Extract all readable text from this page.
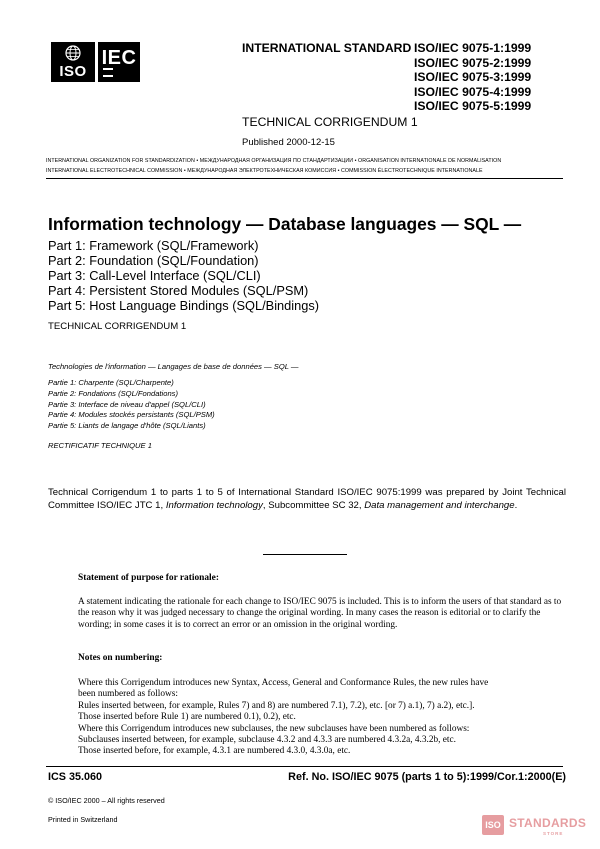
ISO
IEC	INTERNATIONAL STANDARD ISO/IEC 9075-1:1999
ISO/IEC 9075-2:1999
ISO/IEC 9075-3:1999
ISO/IEC 9075-4:1999
ISO/IEC 9075-5:1999
TECHNICAL CORRIGENDUM 1
Published 2000-12-15
INTERNATIONAL ORGANIZATION FOR STANDARDIZATION • МЕЖДУНАРОДНАЯ ОРГАНИЗАЦИЯ ПО СТАНДАРТИЗАЦИИ • ORGANISATION INTERNATIONALE DE NORMALISATION
INTERNATIONAL ELECTROTECHNICAL COMMISSION • МЕЖДУНАРОДНАЯ ЭЛЕКТРОТЕХНИЧЕСКАЯ КОМИССИЯ • COMMISSION ÉLECTROTECHNIQUE INTERNATIONALE
Information technology — Database languages — SQL —
Part 1: Framework (SQL/Framework)
Part 2: Foundation (SQL/Foundation)
Part 3: Call-Level Interface (SQL/CLI)
Part 4: Persistent Stored Modules (SQL/PSM)
Part 5: Host Language Bindings (SQL/Bindings)
TECHNICAL CORRIGENDUM 1
Technologies de l'information — Langages de base de données — SQL —
Partie 1: Charpente (SQL/Charpente)
Partie 2: Fondations (SQL/Fondations)
Partie 3: Interface de niveau d'appel (SQL/CLI)
Partie 4: Modules stockés persistants (SQL/PSM)
Partie 5: Liants de langage d'hôte (SQL/Liants)
RECTIFICATIF TECHNIQUE 1
Technical Corrigendum 1 to parts 1 to 5 of International Standard ISO/IEC 9075:1999 was prepared by Joint Technical Committee ISO/IEC JTC 1, Information technology, Subcommittee SC 32, Data management and interchange.
Statement of purpose for rationale:
A statement indicating the rationale for each change to ISO/IEC 9075 is included. This is to inform the users of that standard as to the reason why it was judged necessary to change the original wording. In many cases the reason is editorial or to clarify the wording; in some cases it is to correct an error or an omission in the original wording.
Notes on numbering:
Where this Corrigendum introduces new Syntax, Access, General and Conformance Rules, the new rules have
been numbered as follows:
Rules inserted between, for example, Rules 7) and 8) are numbered 7.1), 7.2), etc. [or 7) a.1), 7) a.2), etc.].
Those inserted before Rule 1) are numbered 0.1), 0.2), etc.
Where this Corrigendum introduces new subclauses, the new subclauses have been numbered as follows:
Subclauses inserted between, for example, subclause 4.3.2 and 4.3.3 are numbered 4.3.2a, 4.3.2b, etc.
Those inserted before, for example, 4.3.1 are numbered 4.3.0, 4.3.0a, etc.
ICS 35.060	Ref. No. ISO/IEC 9075 (parts 1 to 5):1999/Cor.1:2000(E)
© ISO/IEC 2000 – All rights reserved
Printed in Switzerland
ISO STANDARDS
STORE
